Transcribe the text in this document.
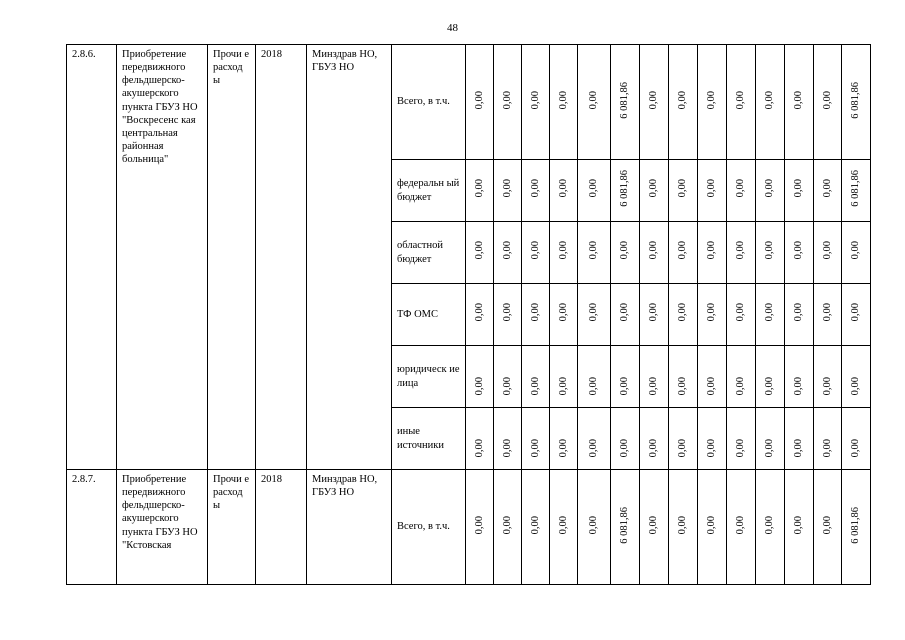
48
2.8.6.	Приобретение передвижного фельдшерско-акушерского пункта ГБУЗ НО "Воскресенс кая центральная районная больница"	Прочи е расход ы	2018	Минздрав НО, ГБУЗ НО	Всего, в т.ч.	0,00	0,00	0,00	0,00	0,00	6 081,86	0,00	0,00	0,00	0,00	0,00	0,00	0,00	6 081,86
					федеральн ый бюджет	0,00	0,00	0,00	0,00	0,00	6 081,86	0,00	0,00	0,00	0,00	0,00	0,00	0,00	6 081,86
					областной бюджет	0,00	0,00	0,00	0,00	0,00	0,00	0,00	0,00	0,00	0,00	0,00	0,00	0,00	0,00
					ТФ ОМС	0,00	0,00	0,00	0,00	0,00	0,00	0,00	0,00	0,00	0,00	0,00	0,00	0,00	0,00
					юридическ ие лица	0,00	0,00	0,00	0,00	0,00	0,00	0,00	0,00	0,00	0,00	0,00	0,00	0,00	0,00
					иные источники	0,00	0,00	0,00	0,00	0,00	0,00	0,00	0,00	0,00	0,00	0,00	0,00	0,00	0,00
2.8.7.	Приобретение передвижного фельдшерско-акушерского пункта ГБУЗ НО "Кстовская	Прочи е расход ы	2018	Минздрав НО, ГБУЗ НО	Всего, в т.ч.	0,00	0,00	0,00	0,00	0,00	6 081,86	0,00	0,00	0,00	0,00	0,00	0,00	0,00	6 081,86
